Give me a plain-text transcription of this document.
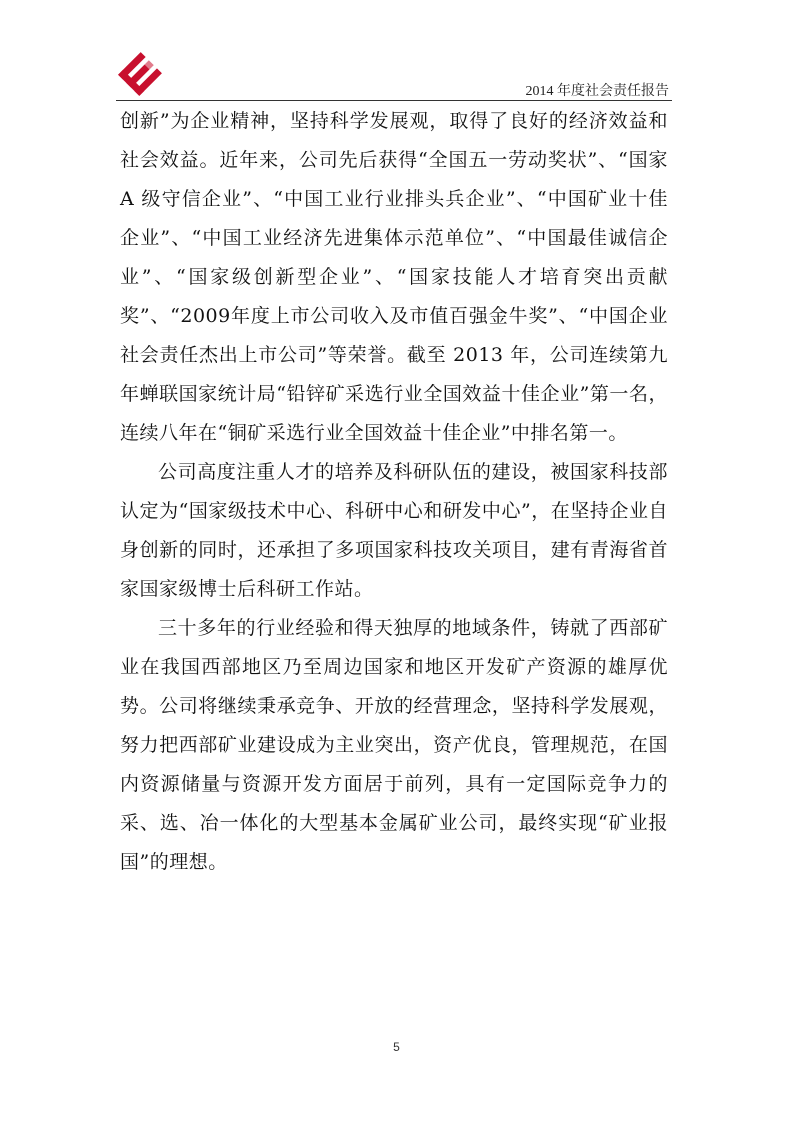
2014 年度社会责任报告

创新”为企业精神，坚持科学发展观，取得了良好的经济效益和社会效益。近年来，公司先后获得“全国五一劳动奖状”、“国家A 级守信企业”、“中国工业行业排头兵企业”、“中国矿业十佳企业”、“中国工业经济先进集体示范单位”、“中国最佳诚信企业”、“国家级创新型企业”、“国家技能人才培育突出贡献奖”、“2009年度上市公司收入及市值百强金牛奖”、“中国企业社会责任杰出上市公司”等荣誉。截至 2013 年，公司连续第九年蝉联国家统计局“铅锌矿采选行业全国效益十佳企业”第一名，连续八年在“铜矿采选行业全国效益十佳企业”中排名第一。

公司高度注重人才的培养及科研队伍的建设，被国家科技部认定为“国家级技术中心、科研中心和研发中心”，在坚持企业自身创新的同时，还承担了多项国家科技攻关项目，建有青海省首家国家级博士后科研工作站。

三十多年的行业经验和得天独厚的地域条件，铸就了西部矿业在我国西部地区乃至周边国家和地区开发矿产资源的雄厚优势。公司将继续秉承竞争、开放的经营理念，坚持科学发展观，努力把西部矿业建设成为主业突出，资产优良，管理规范，在国内资源储量与资源开发方面居于前列，具有一定国际竞争力的采、选、冶一体化的大型基本金属矿业公司，最终实现“矿业报国”的理想。

5
